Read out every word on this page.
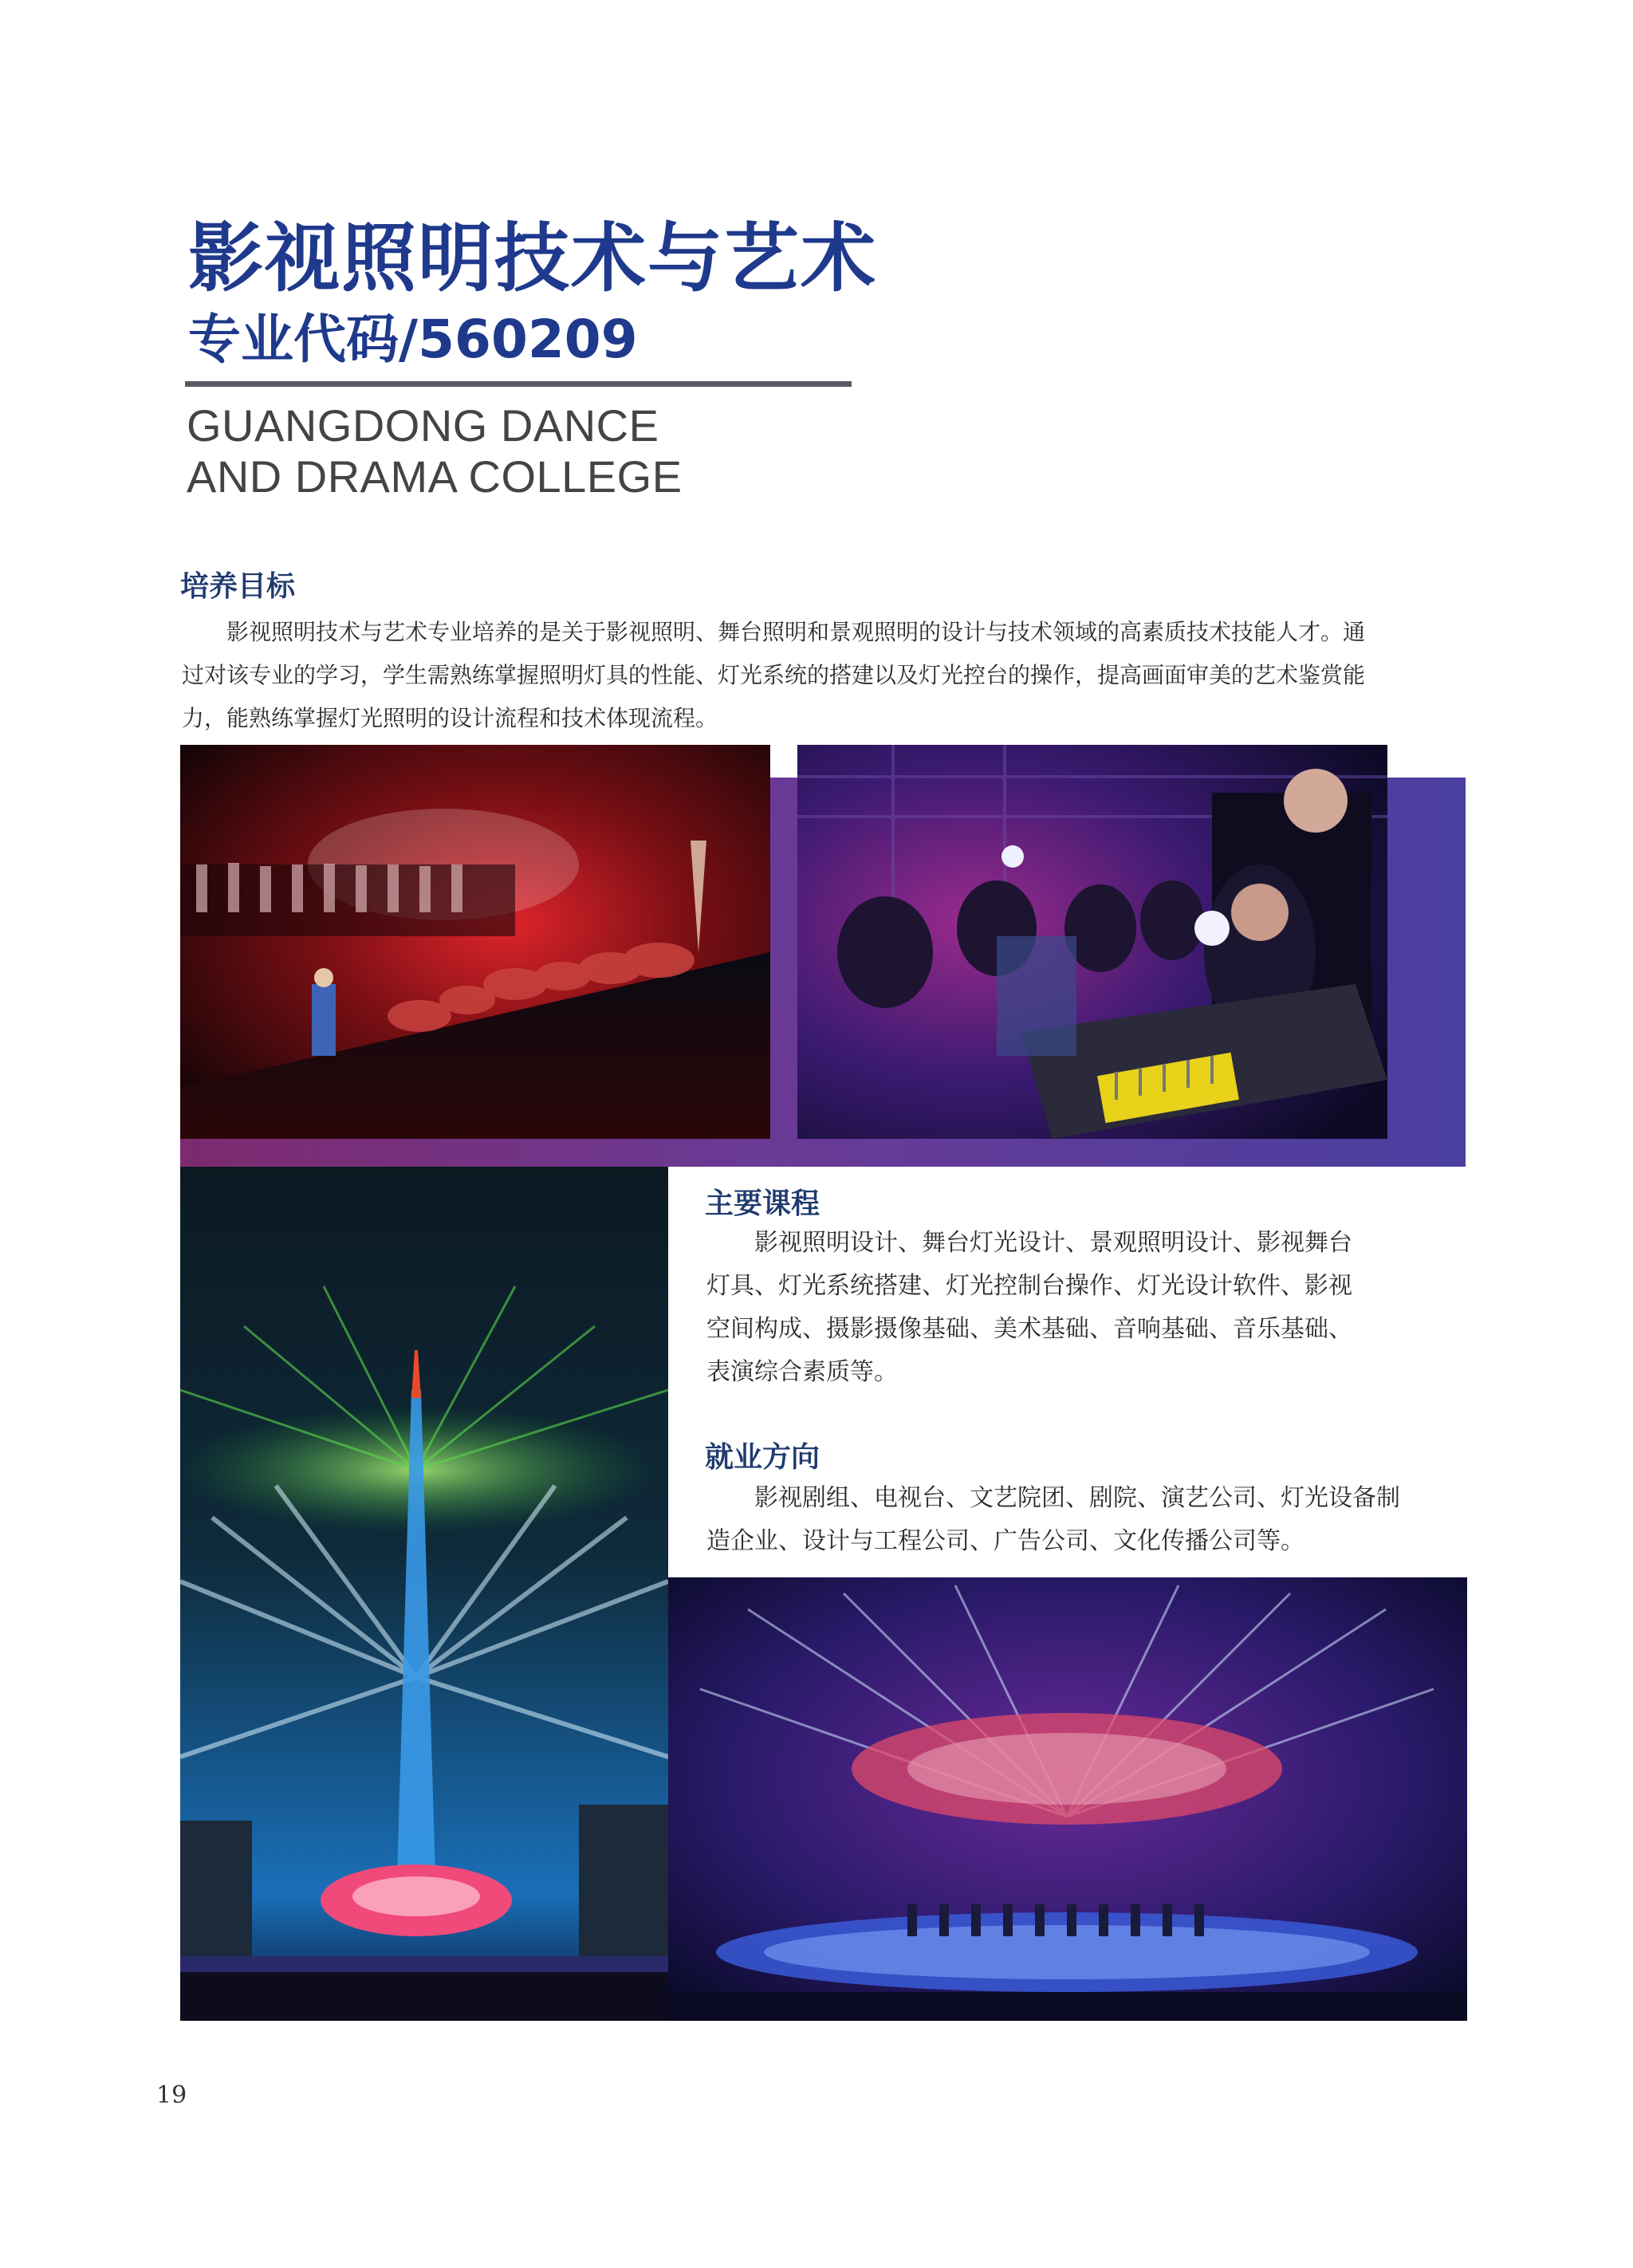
影视照明技术与艺术
专业代码/560209
GUANGDONG DANCE
AND DRAMA COLLEGE
培养目标
影视照明技术与艺术专业培养的是关于影视照明、舞台照明和景观照明的设计与技术领域的高素质技术技能人才。通
过对该专业的学习，学生需熟练掌握照明灯具的性能、灯光系统的搭建以及灯光控台的操作，提高画面审美的艺术鉴赏能
力，能熟练掌握灯光照明的设计流程和技术体现流程。
主要课程
影视照明设计、舞台灯光设计、景观照明设计、影视舞台
灯具、灯光系统搭建、灯光控制台操作、灯光设计软件、影视
空间构成、摄影摄像基础、美术基础、音响基础、音乐基础、
表演综合素质等。
就业方向
影视剧组、电视台、文艺院团、剧院、演艺公司、灯光设备制
造企业、设计与工程公司、广告公司、文化传播公司等。
19
